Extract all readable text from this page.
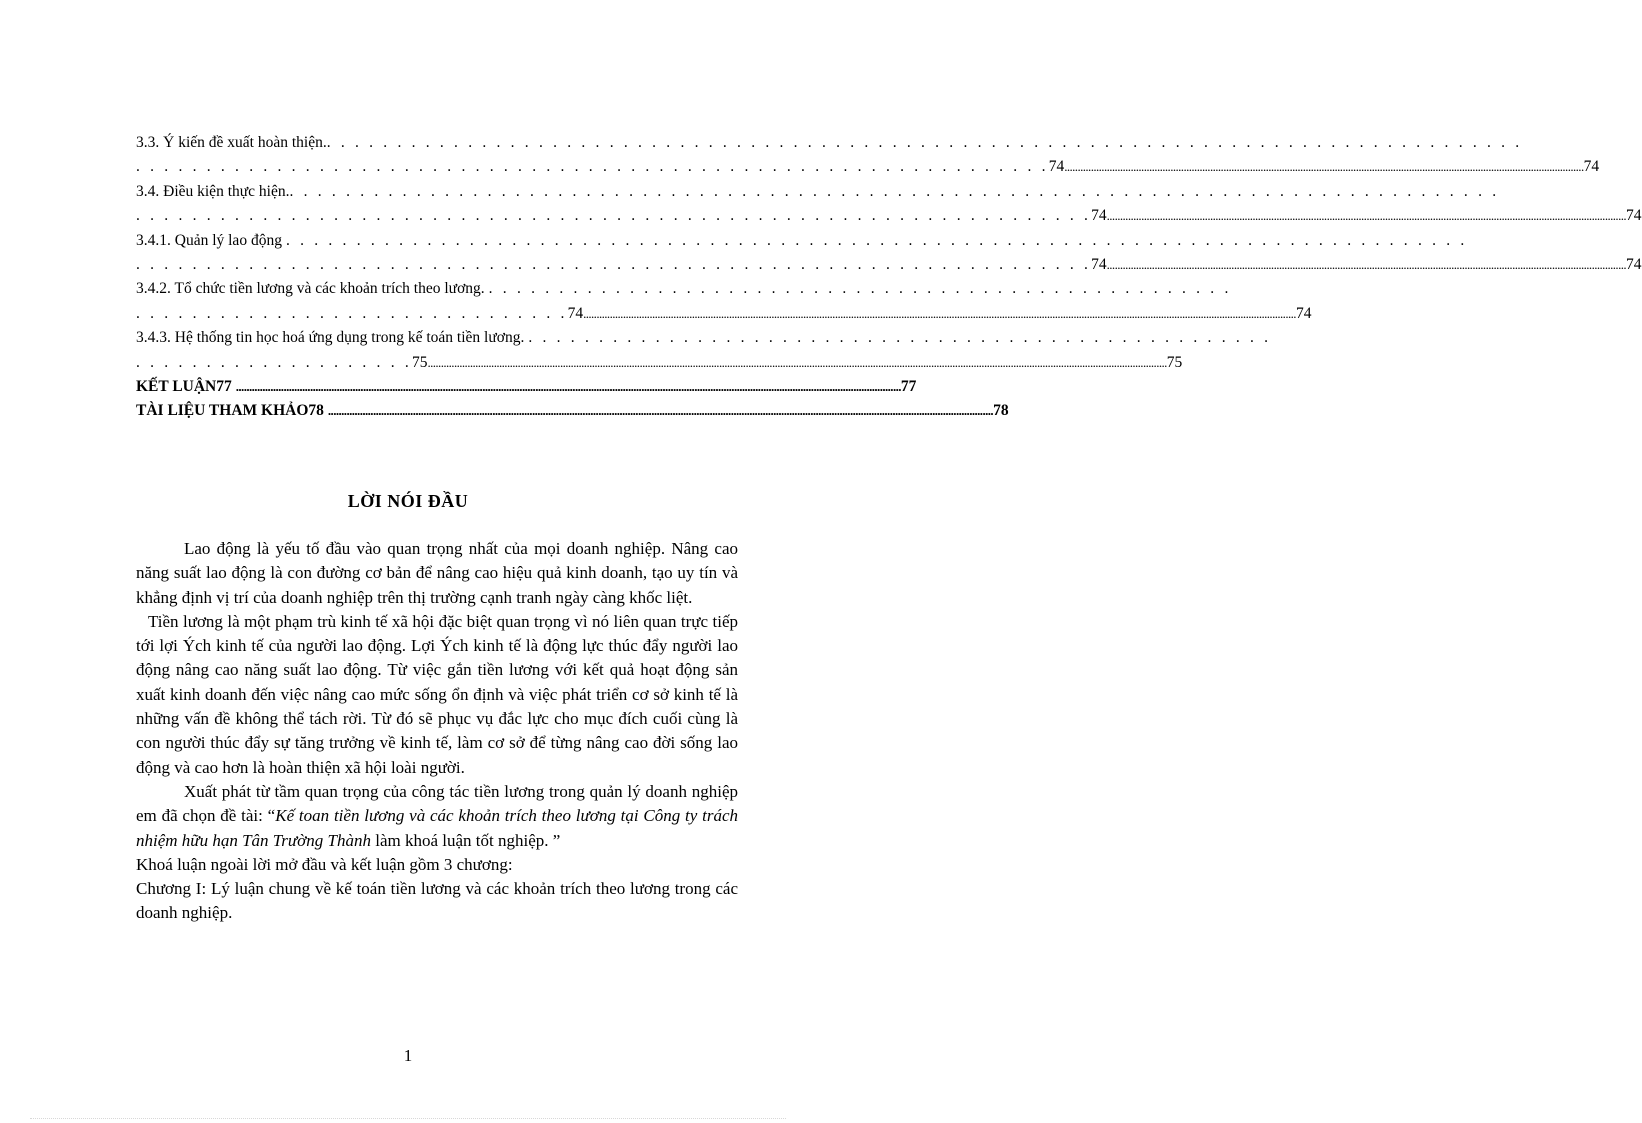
3.3. Ý kiến đề xuất hoàn thiện. . . . . . . . . . . . . . . . . . . . . . . . . . . . . . . . . . . . . . . . . . . . . . . . . . . . . . . . . . . . . . . . . . . . . . . . . . . . . . . . . . . . . .
. . . . . . . . . . . . . . . . . . . . . . . . . . . . . . . . . . . . . . . . . . . . . . . . . . . . . . . . . . . . . . . . . 74 .................................................................................................................................................................................................... 74
3.4. Điều kiện thực hiện. . . . . . . . . . . . . . . . . . . . . . . . . . . . . . . . . . . . . . . . . . . . . . . . . . . . . . . . . . . . . . . . . . . . . . . . . . . . . . . . . . . . . . .
. . . . . . . . . . . . . . . . . . . . . . . . . . . . . . . . . . . . . . . . . . . . . . . . . . . . . . . . . . . . . . . . . . . . 74 .................................................................................................................................................................................................... 74
3.4.1. Quản lý lao động . . . . . . . . . . . . . . . . . . . . . . . . . . . . . . . . . . . . . . . . . . . . . . . . . . . . . . . . . . . . . . . . . . . . . . . . . . . . . . . . . . . .
. . . . . . . . . . . . . . . . . . . . . . . . . . . . . . . . . . . . . . . . . . . . . . . . . . . . . . . . . . . . . . . . . . . . 74 .................................................................................................................................................................................................... 74
3.4.2. Tổ chức tiền lương và các khoản trích theo lương. . . . . . . . . . . . . . . . . . . . . . . . . . . . . . . . . . . . . . . . . . . . . . . . . . . . . .
. . . . . . . . . . . . . . . . . . . . . . . . . . . . . . . 74 ............................................................................................................................................................................................................................................................................. 74
3.4.3. Hệ thống tin học hoá ứng dụng trong kế toán tiền lương. . . . . . . . . . . . . . . . . . . . . . . . . . . . . . . . . . . . . . . . . . . . . . . . . . . . . .
. . . . . . . . . . . . . . . . . . . . 75 ....................................................................................................................................................................................................................................................................................... 75
KẾT LUẬN77 ........................................................................................................................................................................................................................................................... 77
TÀI LIỆU THAM KHẢO78 ........................................................................................................................................................................................................................................................... 78
LỜI NÓI ĐẦU

Lao động là yếu tố đầu vào quan trọng nhất của mọi doanh nghiệp. Nâng cao năng suất lao động là con đường cơ bản để nâng cao hiệu quả kinh doanh, tạo uy tín và khẳng định vị trí của doanh nghiệp trên thị trường cạnh tranh ngày càng khốc liệt.

Tiền lương là một phạm trù kinh tế xã hội đặc biệt quan trọng vì nó liên quan trực tiếp tới lợi Ých kinh tế của người lao động. Lợi Ých kinh tế là động lực thúc đẩy người lao động nâng cao năng suất lao động. Từ việc gắn tiền lương với kết quả hoạt động sản xuất kinh doanh đến việc nâng cao mức sống ổn định và việc phát triển cơ sở kinh tế là những vấn đề không thể tách rời. Từ đó sẽ phục vụ đắc lực cho mục đích cuối cùng là con người thúc đẩy sự tăng trưởng về kinh tế, làm cơ sở để từng nâng cao đời sống lao động và cao hơn là hoàn thiện xã hội loài người.

Xuất phát từ tầm quan trọng của công tác tiền lương trong quản lý doanh nghiệp em đã chọn đề tài: “Kế toan tiền lương và các khoản trích theo lương tại Công ty trách nhiệm hữu hạn Tân Trường Thành làm khoá luận tốt nghiệp. ”

Khoá luận ngoài lời mở đầu và kết luận gồm 3 chương:

Chương I: Lý luận chung về kế toán tiền lương và các khoản trích theo lương trong các doanh nghiệp.

1
